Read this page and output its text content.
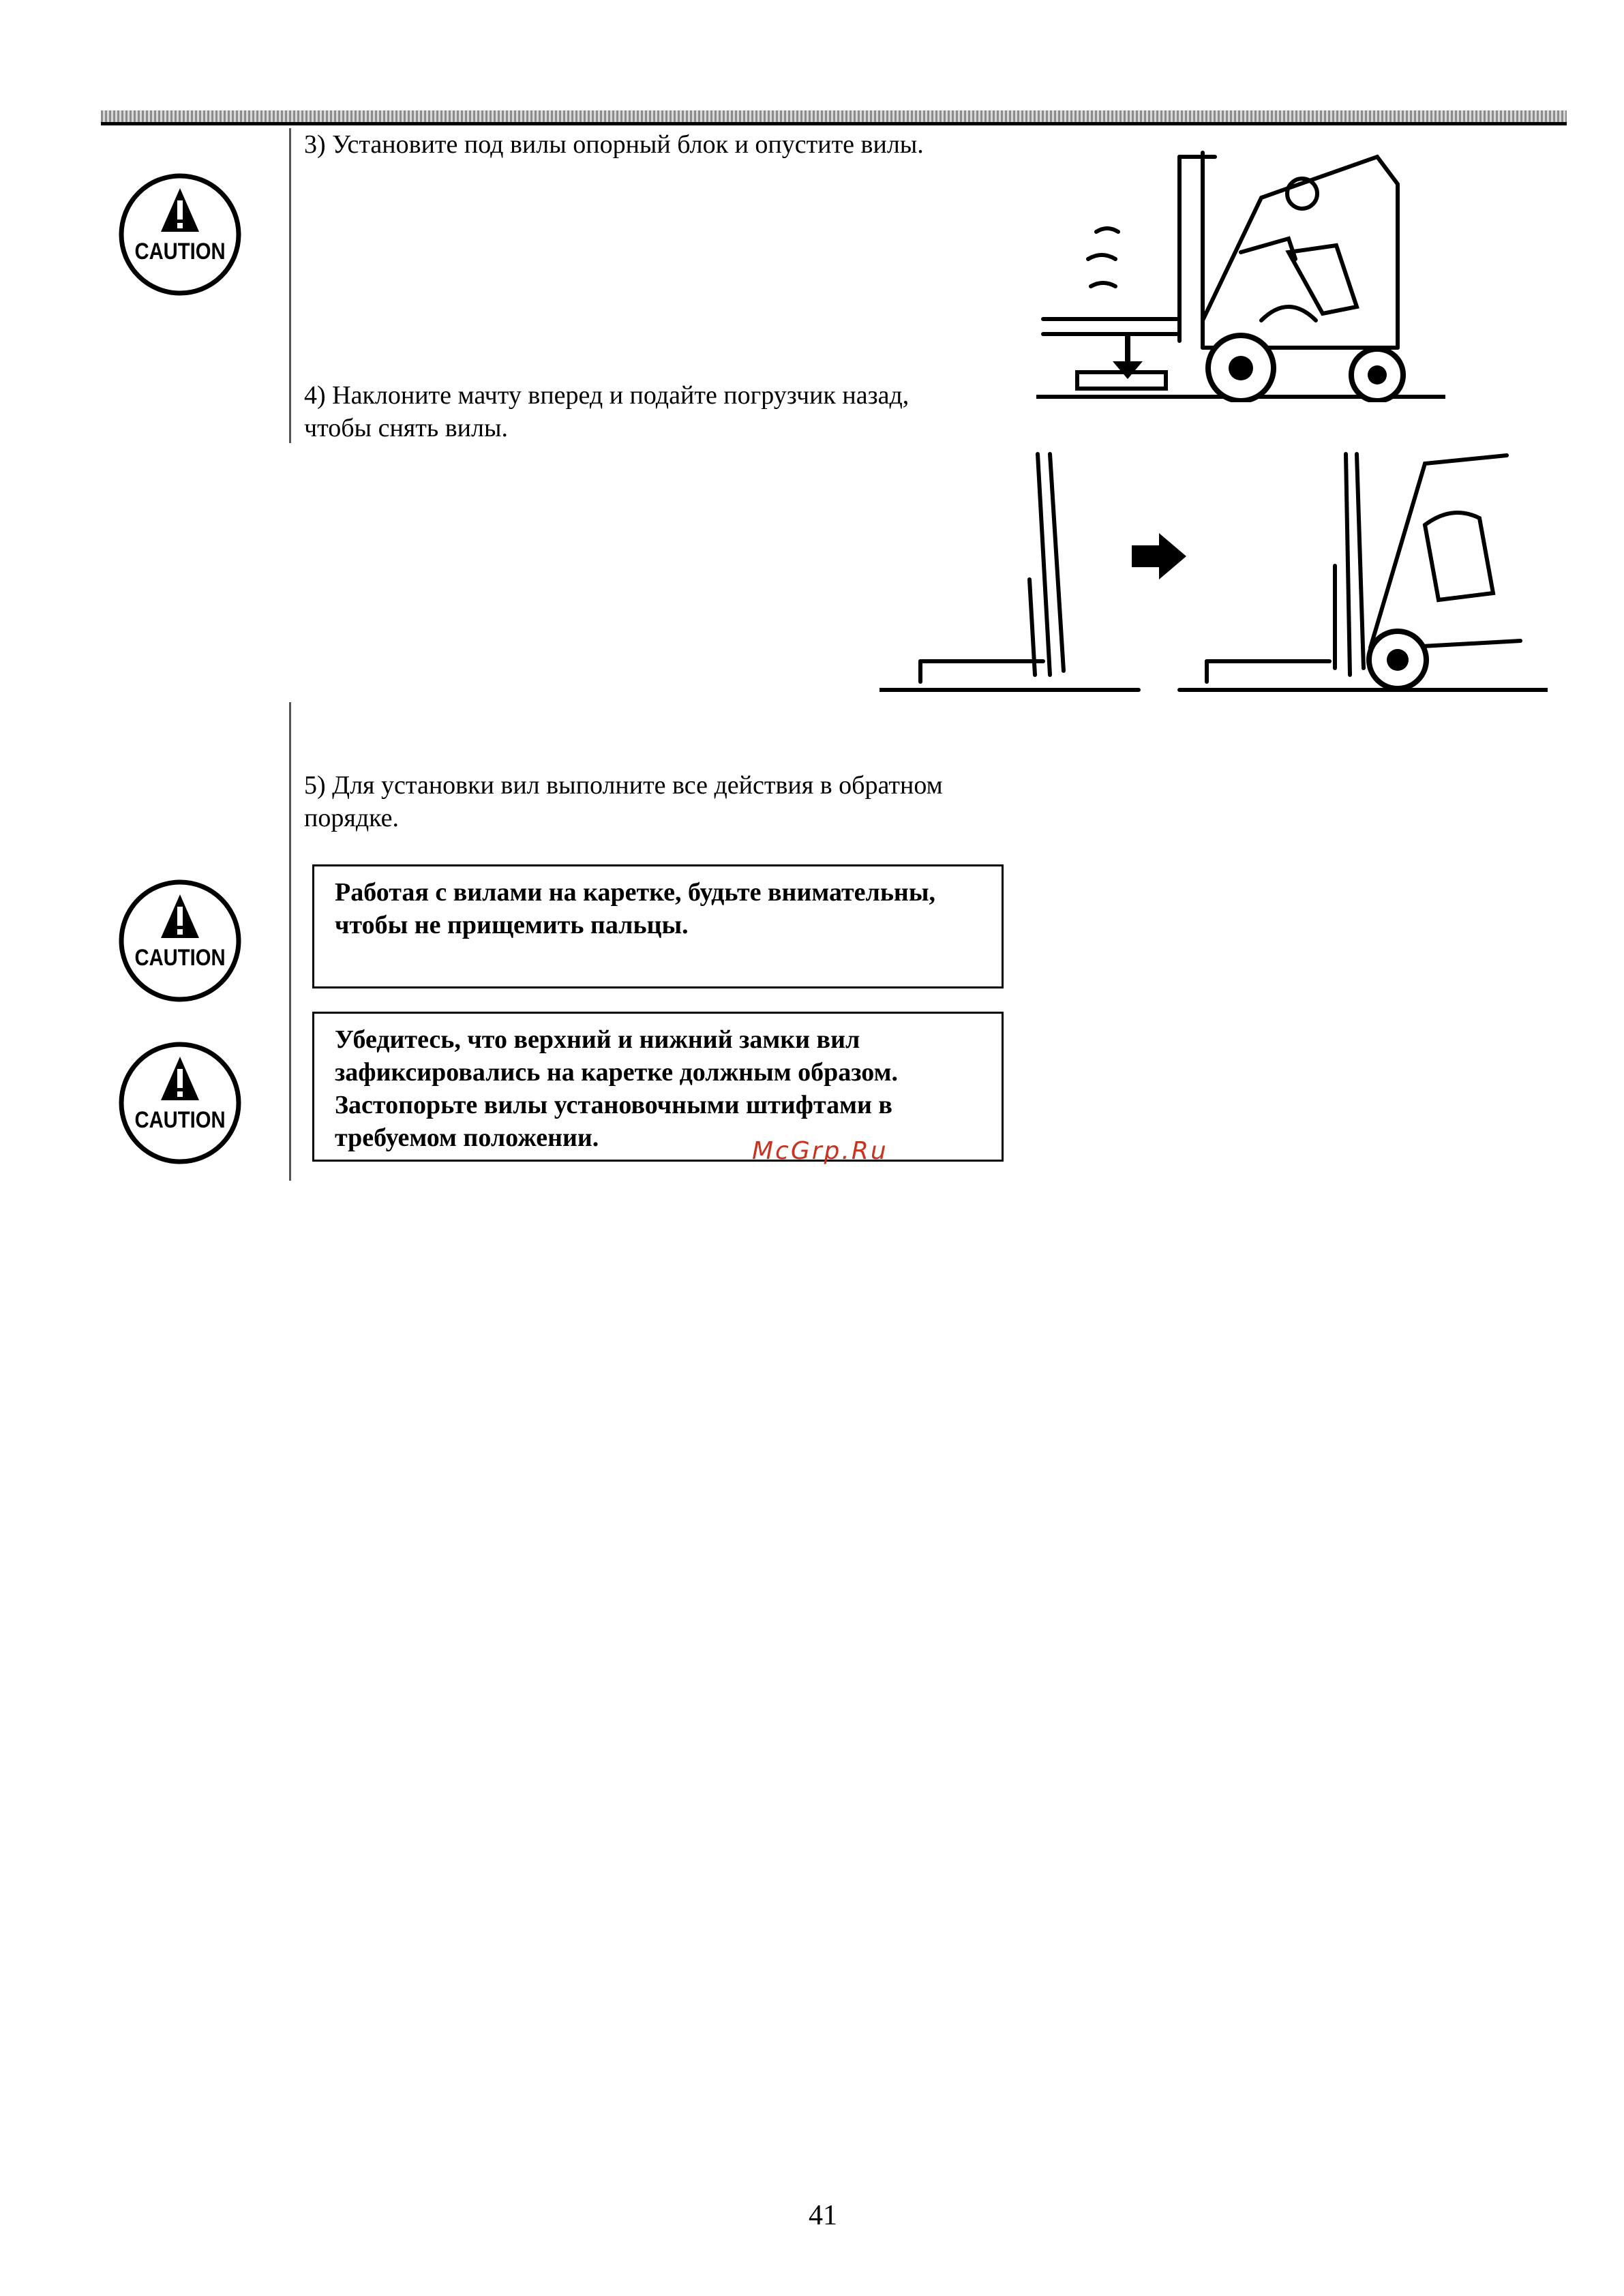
CAUTION

3) Установите под вилы опорный блок и опустите вилы.

4) Наклоните мачту вперед и подайте погрузчик назад,
чтобы снять вилы.

5) Для установки вил выполните все действия в обратном
порядке.

CAUTION
Работая с вилами на каретке, будьте внимательны,
чтобы не прищемить пальцы.
CAUTION
Убедитесь, что верхний и нижний замки вил
зафиксировались на каретке должным образом.
Застопорьте вилы установочными штифтами в
требуемом положении.	McGrp.Ru
41
